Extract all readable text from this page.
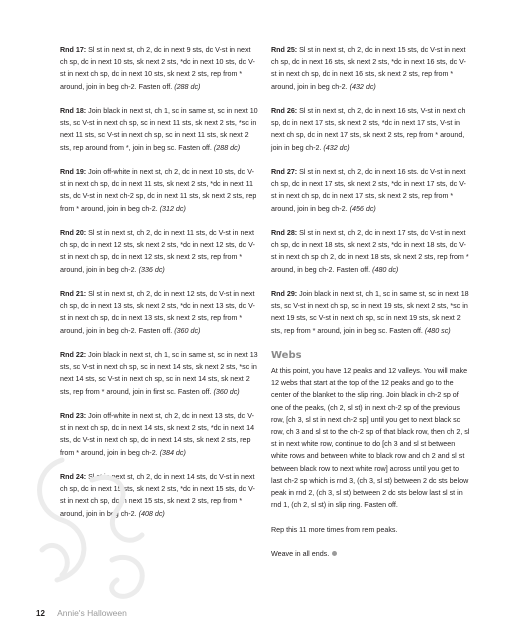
Rnd 17: Sl st in next st, ch 2, dc in next 9 sts, dc V-st in next ch sp, dc in next 10 sts, sk next 2 sts, *dc in next 10 sts, dc V-st in next ch sp, dc in next 10 sts, sk next 2 sts, rep from * around, join in beg ch-2. Fasten off. (288 dc)

Rnd 18: Join black in next st, ch 1, sc in same st, sc in next 10 sts, sc V-st in next ch sp, sc in next 11 sts, sk next 2 sts, *sc in next 11 sts, sc V-st in next ch sp, sc in next 11 sts, sk next 2 sts, rep around from *, join in beg sc. Fasten off. (288 dc)

Rnd 19: Join off-white in next st, ch 2, dc in next 10 sts, dc V-st in next ch sp, dc in next 11 sts, sk next 2 sts, *dc in next 11 sts, dc V-st in next ch-2 sp, dc in next 11 sts, sk next 2 sts, rep from * around, join in beg ch-2. (312 dc)

Rnd 20: Sl st in next st, ch 2, dc in next 11 sts, dc V-st in next ch sp, dc in next 12 sts, sk next 2 sts, *dc in next 12 sts, dc V-st in next ch sp, dc in next 12 sts, sk next 2 sts, rep from * around, join in beg ch-2. (336 dc)

Rnd 21: Sl st in next st, ch 2, dc in next 12 sts, dc V-st in next ch sp, dc in next 13 sts, sk next 2 sts, *dc in next 13 sts, dc V-st in next ch sp, dc in next 13 sts, sk next 2 sts, rep from * around, join in beg ch-2. Fasten off. (360 dc)

Rnd 22: Join black in next st, ch 1, sc in same st, sc in next 13 sts, sc V-st in next ch sp, sc in next 14 sts, sk next 2 sts, *sc in next 14 sts, sc V-st in next ch sp, sc in next 14 sts, sk next 2 sts, rep from * around, join in first sc. Fasten off. (360 dc)

Rnd 23: Join off-white in next st, ch 2, dc in next 13 sts, dc V-st in next ch sp, dc in next 14 sts, sk next 2 sts, *dc in next 14 sts, dc V-st in next ch sp, dc in next 14 sts, sk next 2 sts, rep from * around, join in beg ch-2. (384 dc)

Rnd 24: Sl st in next st, ch 2, dc in next 14 sts, dc V-st in next ch sp, dc in next 15 sts, sk next 2 sts, *dc in next 15 sts, dc V-st in next ch sp, dc in next 15 sts, sk next 2 sts, rep from * around, join in beg ch-2. (408 dc)

Rnd 25: Sl st in next st, ch 2, dc in next 15 sts, dc V-st in next ch sp, dc in next 16 sts, sk next 2 sts, *dc in next 16 sts, dc V-st in next ch sp, dc in next 16 sts, sk next 2 sts, rep from * around, join in beg ch-2. (432 dc)

Rnd 26: Sl st in next st, ch 2, dc in next 16 sts, V-st in next ch sp, dc in next 17 sts, sk next 2 sts, *dc in next 17 sts, V-st in next ch sp, dc in next 17 sts, sk next 2 sts, rep from * around, join in beg ch-2. (432 dc)

Rnd 27: Sl st in next st, ch 2, dc in next 16 sts. dc V-st in next ch sp, dc in next 17 sts, sk next 2 sts, *dc in next 17 sts, dc V-st in next ch sp, dc in next 17 sts, sk next 2 sts, rep from * around, join in beg ch-2. (456 dc)

Rnd 28: Sl st in next st, ch 2, dc in next 17 sts, dc V-st in next ch sp, dc in next 18 sts, sk next 2 sts, *dc in next 18 sts, dc V-st in next ch sp ch 2, dc in next 18 sts, sk next 2 sts, rep from * around, in beg ch-2. Fasten off. (480 dc)

Rnd 29: Join black in next st, ch 1, sc in same st, sc in next 18 sts, sc V-st in next ch sp, sc in next 19 sts, sk next 2 sts, *sc in next 19 sts, sc V-st in next ch sp, sc in next 19 sts, sk next 2 sts, rep from * around, join in beg sc. Fasten off. (480 sc)

Webs

At this point, you have 12 peaks and 12 valleys. You will make 12 webs that start at the top of the 12 peaks and go to the center of the blanket to the slip ring. Join black in ch-2 sp of one of the peaks, (ch 2, sl st) in next ch-2 sp of the previous row, [ch 3, sl st in next ch-2 sp] until you get to next black sc row, ch 3 and sl st to the ch-2 sp of that black row, then ch 2, sl st in next white row, continue to do [ch 3 and sl st between white rows and between white to black row and ch 2 and sl st between black row to next white row] across until you get to last ch-2 sp which is rnd 3, (ch 3, sl st) between 2 dc sts below peak in rnd 2, (ch 3, sl st) between 2 dc sts below last sl st in rnd 1, (ch 2, sl st) in slip ring. Fasten off.

Rep this 11 more times from rem peaks.

Weave in all ends.

12 Annie's Halloween
